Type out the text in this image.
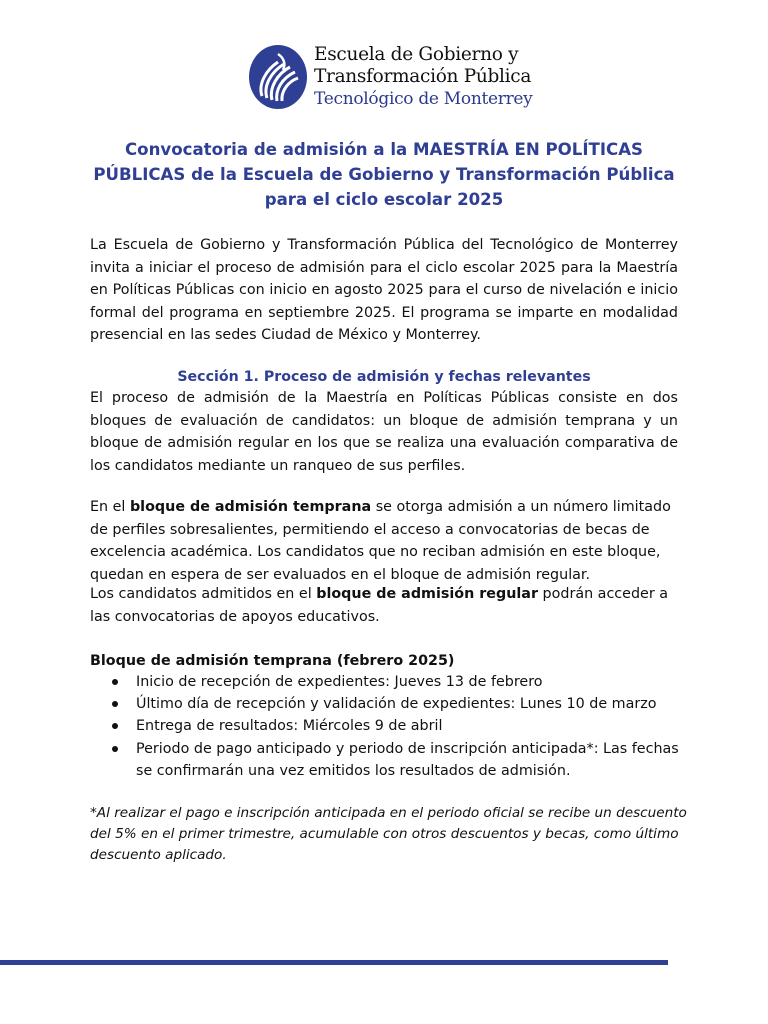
Escuela de Gobierno y
Transformación Pública
Tecnológico de Monterrey
Convocatoria de admisión a la MAESTRÍA EN POLÍTICAS
PÚBLICAS de la Escuela de Gobierno y Transformación Pública
para el ciclo escolar 2025

La Escuela de Gobierno y Transformación Pública del Tecnológico de Monterrey invita a iniciar el proceso de admisión para el ciclo escolar 2025 para la Maestría en Políticas Públicas con inicio en agosto 2025 para el curso de nivelación e inicio formal del programa en septiembre 2025. El programa se imparte en modalidad presencial en las sedes Ciudad de México y Monterrey.

Sección 1. Proceso de admisión y fechas relevantes

El proceso de admisión de la Maestría en Políticas Públicas consiste en dos bloques de evaluación de candidatos: un bloque de admisión temprana y un bloque de admisión regular en los que se realiza una evaluación comparativa de los candidatos mediante un ranqueo de sus perfiles.

En el bloque de admisión temprana se otorga admisión a un número limitado de perfiles sobresalientes, permitiendo el acceso a convocatorias de becas de excelencia académica. Los candidatos que no reciban admisión en este bloque, quedan en espera de ser evaluados en el bloque de admisión regular.

Los candidatos admitidos en el bloque de admisión regular podrán acceder a las convocatorias de apoyos educativos.

Bloque de admisión temprana (febrero 2025)
Inicio de recepción de expedientes: Jueves 13 de febrero
Último día de recepción y validación de expedientes: Lunes 10 de marzo
Entrega de resultados: Miércoles 9 de abril
Periodo de pago anticipado y periodo de inscripción anticipada*: Las fechas se confirmarán una vez emitidos los resultados de admisión.

*Al realizar el pago e inscripción anticipada en el periodo oficial se recibe un descuento del 5% en el primer trimestre, acumulable con otros descuentos y becas, como último descuento aplicado.
